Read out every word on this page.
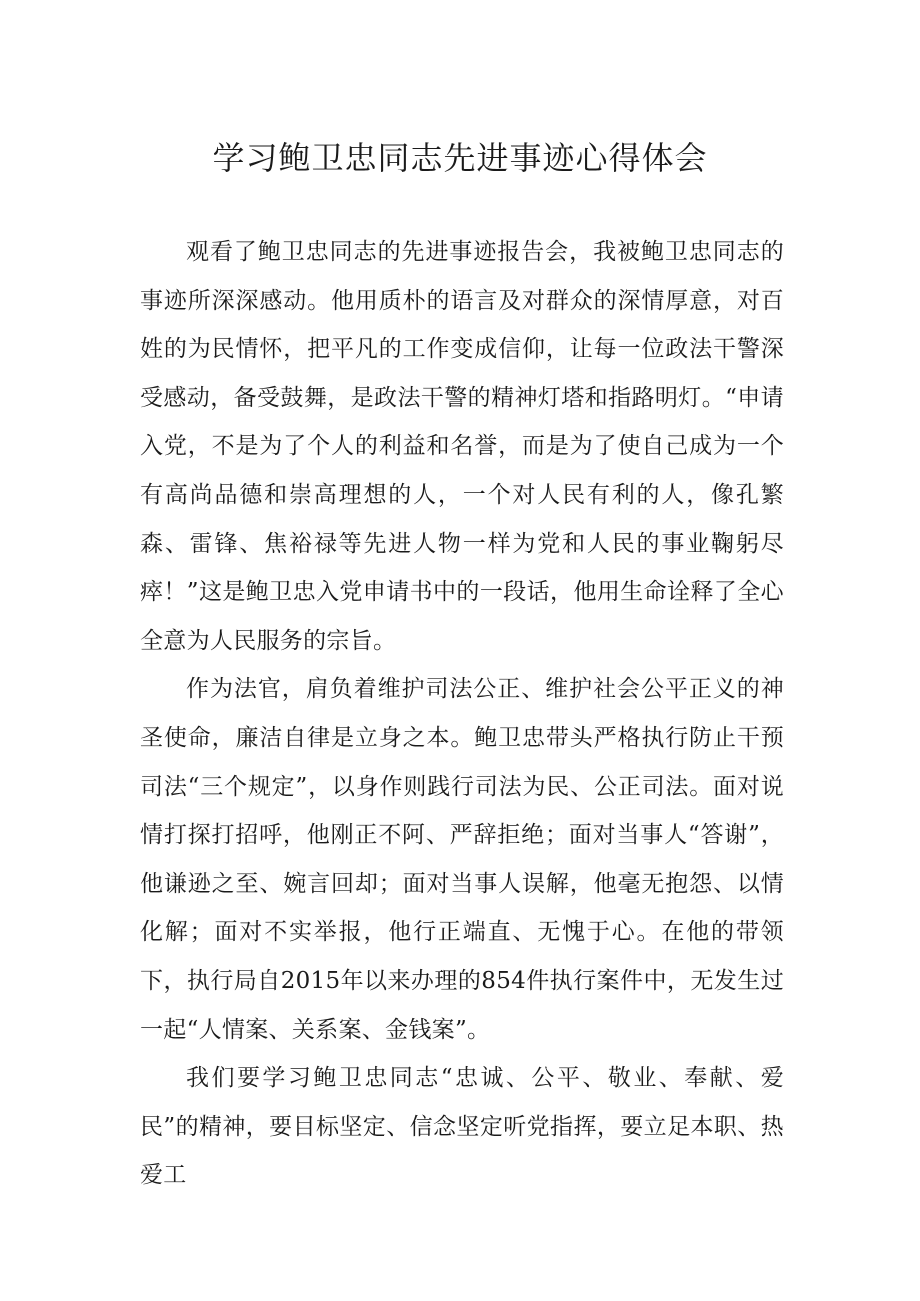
学习鲍卫忠同志先进事迹心得体会

观看了鲍卫忠同志的先进事迹报告会，我被鲍卫忠同志的事迹所深深感动。他用质朴的语言及对群众的深情厚意，对百姓的为民情怀，把平凡的工作变成信仰，让每一位政法干警深受感动，备受鼓舞，是政法干警的精神灯塔和指路明灯。“申请入党，不是为了个人的利益和名誉，而是为了使自己成为一个有高尚品德和崇高理想的人，一个对人民有利的人，像孔繁森、雷锋、焦裕禄等先进人物一样为党和人民的事业鞠躬尽瘁！”这是鲍卫忠入党申请书中的一段话，他用生命诠释了全心全意为人民服务的宗旨。

作为法官，肩负着维护司法公正、维护社会公平正义的神圣使命，廉洁自律是立身之本。鲍卫忠带头严格执行防止干预司法“三个规定”，以身作则践行司法为民、公正司法。面对说情打探打招呼，他刚正不阿、严辞拒绝；面对当事人“答谢”，他谦逊之至、婉言回却；面对当事人误解，他毫无抱怨、以情化解；面对不实举报，他行正端直、无愧于心。在他的带领下，执行局自2015年以来办理的854件执行案件中，无发生过一起“人情案、关系案、金钱案”。

我们要学习鲍卫忠同志“忠诚、公平、敬业、奉献、爱民”的精神，要目标坚定、信念坚定听党指挥，要立足本职、热爱工
